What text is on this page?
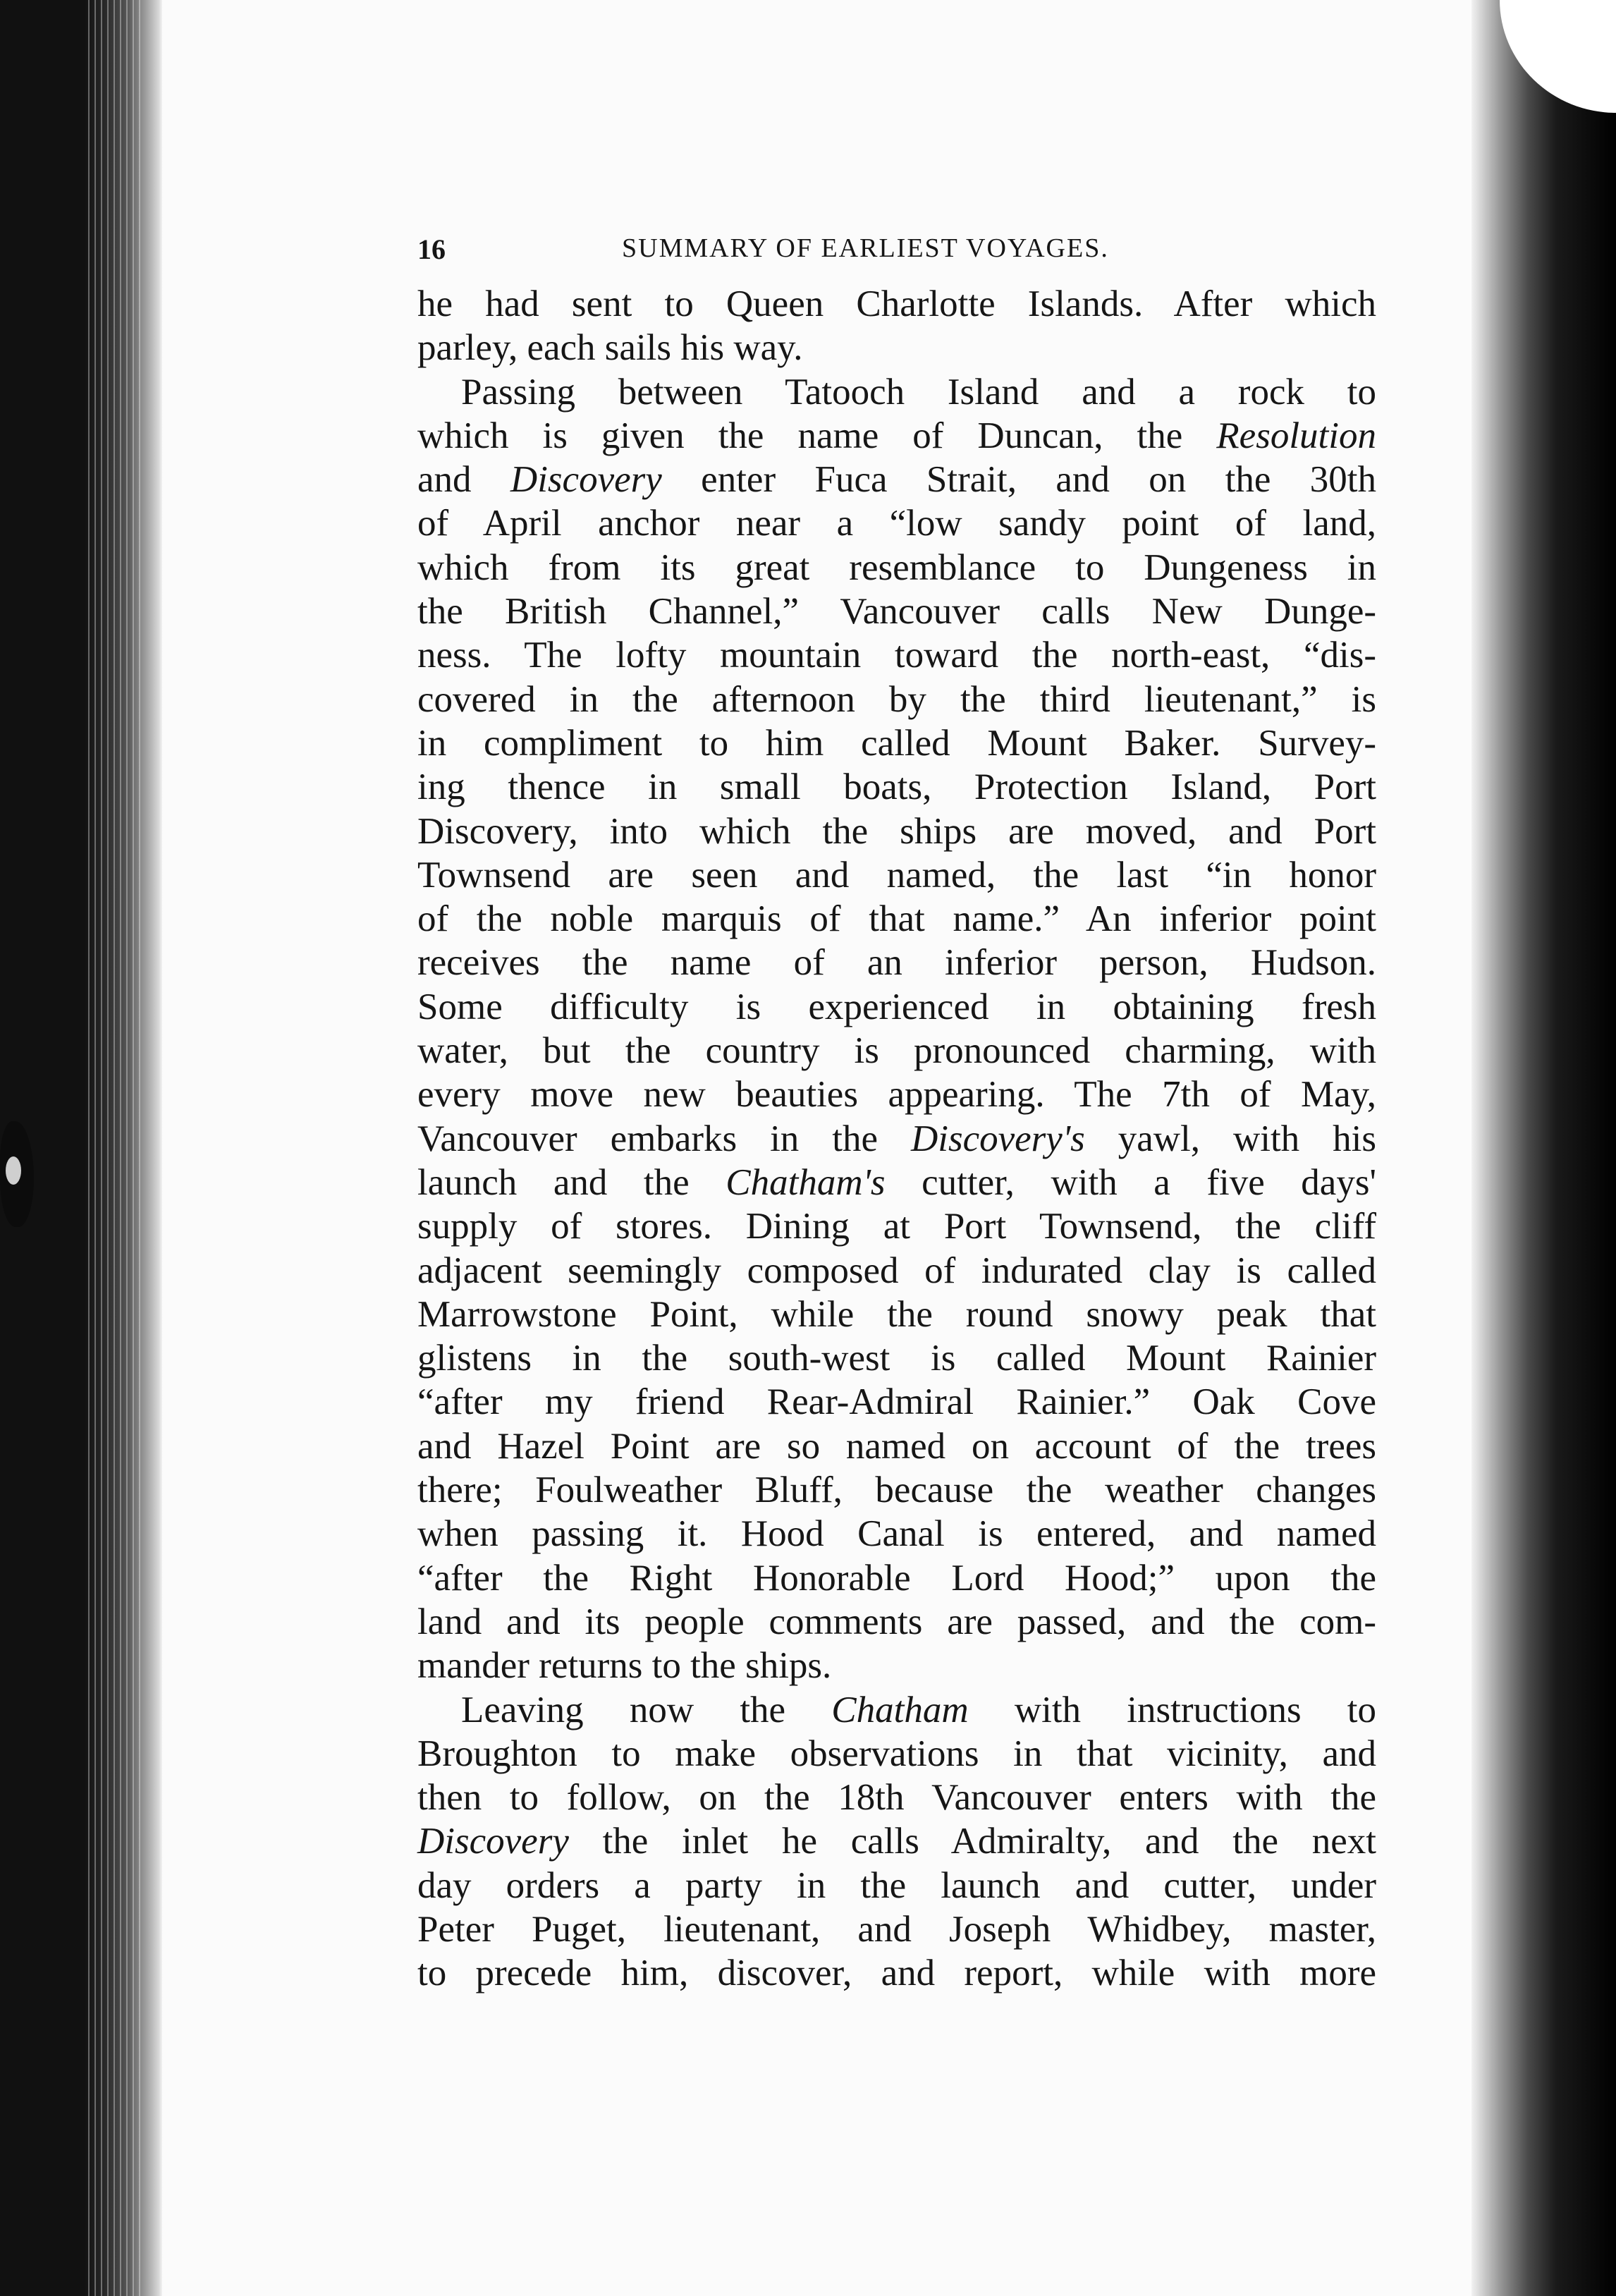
16	SUMMARY OF EARLIEST VOYAGES.
he had sent to Queen Charlotte Islands. After which
parley, each sails his way.
Passing between Tatooch Island and a rock to
which is given the name of Duncan, the Resolution
and Discovery enter Fuca Strait, and on the 30th
of April anchor near a “low sandy point of land,
which from its great resemblance to Dungeness in
the British Channel,” Vancouver calls New Dunge-
ness. The lofty mountain toward the north-east, “dis-
covered in the afternoon by the third lieutenant,” is
in compliment to him called Mount Baker. Survey-
ing thence in small boats, Protection Island, Port
Discovery, into which the ships are moved, and Port
Townsend are seen and named, the last “in honor
of the noble marquis of that name.” An inferior point
receives the name of an inferior person, Hudson.
Some difficulty is experienced in obtaining fresh
water, but the country is pronounced charming, with
every move new beauties appearing. The 7th of May,
Vancouver embarks in the Discovery's yawl, with his
launch and the Chatham's cutter, with a five days'
supply of stores. Dining at Port Townsend, the cliff
adjacent seemingly composed of indurated clay is called
Marrowstone Point, while the round snowy peak that
glistens in the south-west is called Mount Rainier
“after my friend Rear-Admiral Rainier.” Oak Cove
and Hazel Point are so named on account of the trees
there; Foulweather Bluff, because the weather changes
when passing it. Hood Canal is entered, and named
“after the Right Honorable Lord Hood;” upon the
land and its people comments are passed, and the com-
mander returns to the ships.
Leaving now the Chatham with instructions to
Broughton to make observations in that vicinity, and
then to follow, on the 18th Vancouver enters with the
Discovery the inlet he calls Admiralty, and the next
day orders a party in the launch and cutter, under
Peter Puget, lieutenant, and Joseph Whidbey, master,
to precede him, discover, and report, while with more
